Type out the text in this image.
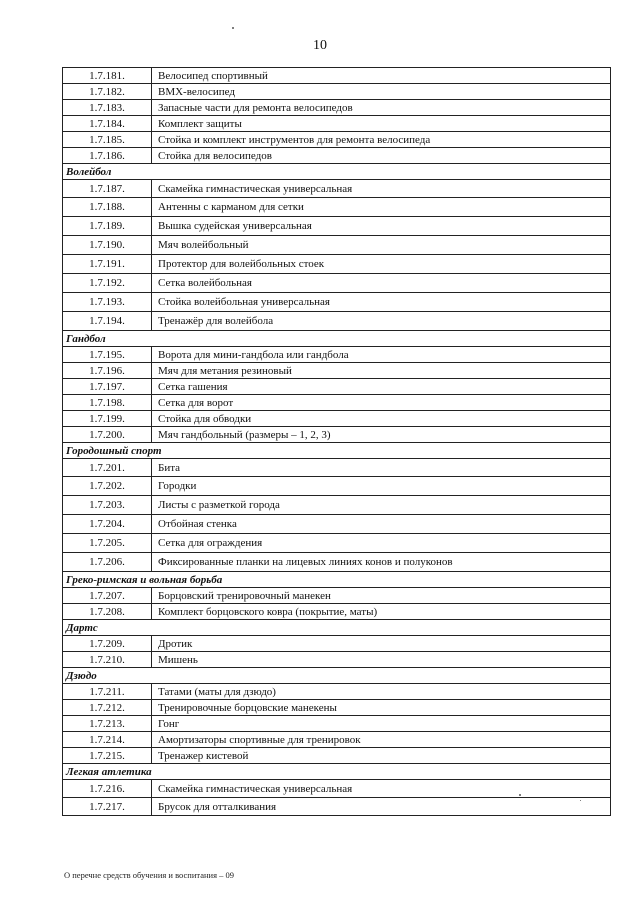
10
1.7.181.	Велосипед спортивный
1.7.182.	BMX-велосипед
1.7.183.	Запасные части для ремонта велосипедов
1.7.184.	Комплект защиты
1.7.185.	Стойка и комплект инструментов для ремонта велосипеда
1.7.186.	Стойка для велосипедов
Волейбол	
1.7.187.	Скамейка гимнастическая универсальная
1.7.188.	Антенны с карманом для сетки
1.7.189.	Вышка судейская универсальная
1.7.190.	Мяч волейбольный
1.7.191.	Протектор для волейбольных стоек
1.7.192.	Сетка волейбольная
1.7.193.	Стойка волейбольная универсальная
1.7.194.	Тренажёр для волейбола
Гандбол	
1.7.195.	Ворота для мини-гандбола или гандбола
1.7.196.	Мяч для метания резиновый
1.7.197.	Сетка гашения
1.7.198.	Сетка для ворот
1.7.199.	Стойка для обводки
1.7.200.	Мяч гандбольный (размеры – 1, 2, 3)
Городошный спорт	
1.7.201.	Бита
1.7.202.	Городки
1.7.203.	Листы с разметкой города
1.7.204.	Отбойная стенка
1.7.205.	Сетка для ограждения
1.7.206.	Фиксированные планки на лицевых линиях конов и полуконов
Греко-римская и вольная борьба	
1.7.207.	Борцовский тренировочный манекен
1.7.208.	Комплект борцовского ковра (покрытие, маты)
Дартс	
1.7.209.	Дротик
1.7.210.	Мишень
Дзюдо	
1.7.211.	Татами (маты для дзюдо)
1.7.212.	Тренировочные борцовские манекены
1.7.213.	Гонг
1.7.214.	Амортизаторы спортивные для тренировок
1.7.215.	Тренажер кистевой
Легкая атлетика	
1.7.216.	Скамейка гимнастическая универсальная
1.7.217.	Брусок для отталкивания
О перечне средств обучения и воспитания – 09
